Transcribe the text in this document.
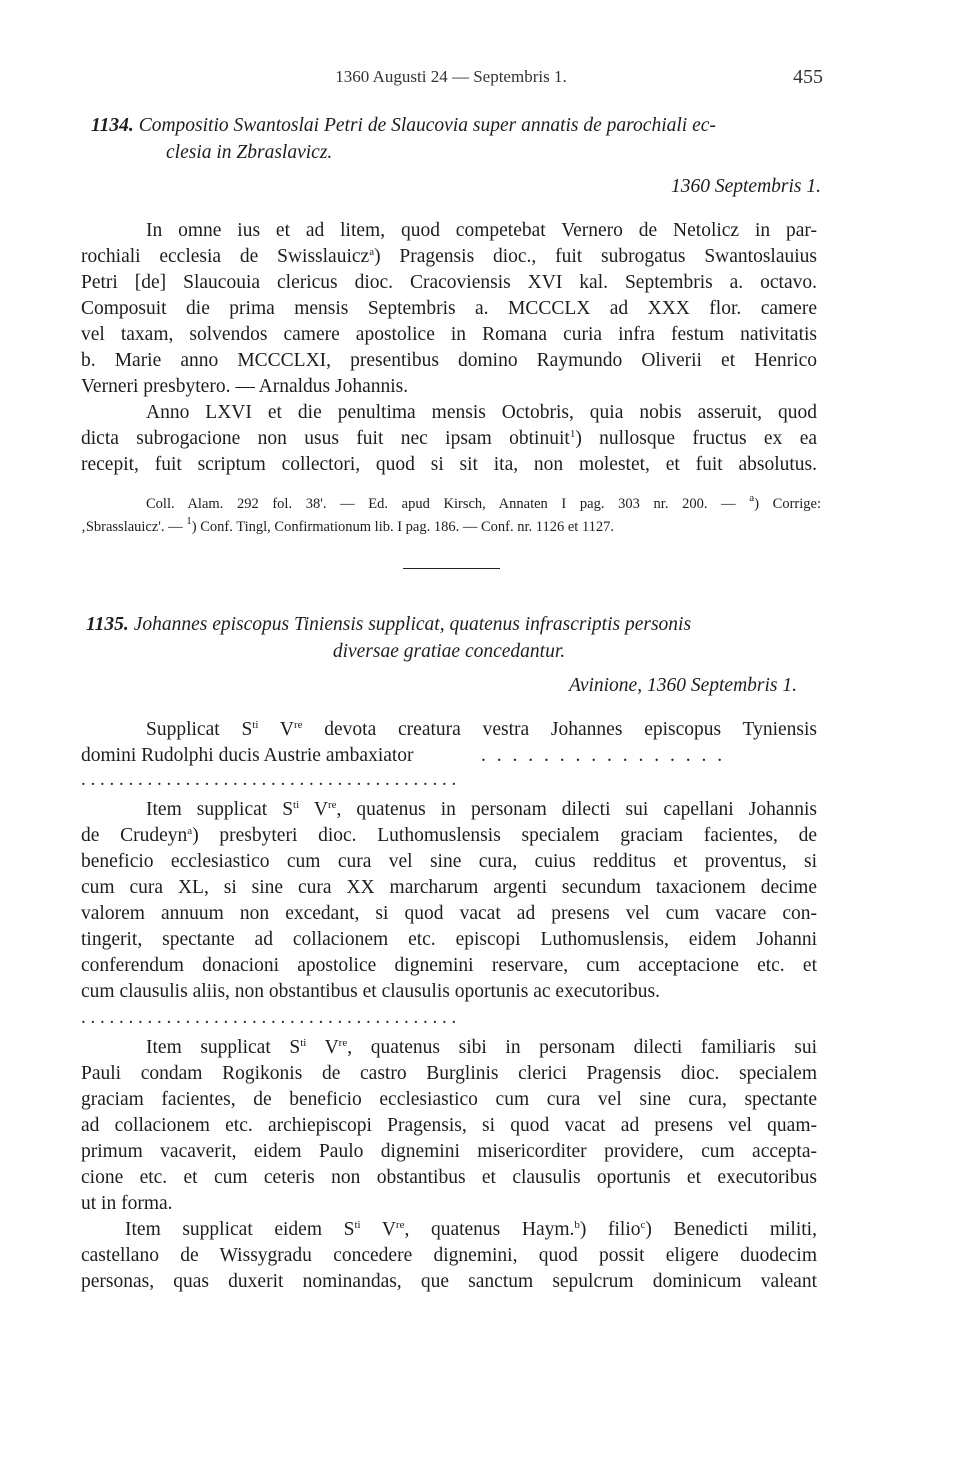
1360 Augusti 24 — Septembris 1.	455
1134. Compositio Swantoslai Petri de Slaucovia super annatis de parochiali ec-
clesia in Zbraslavicz.
1360 Septembris 1.
In omne ius et ad litem, quod competebat Vernero de Netolicz in par-
rochiali ecclesia de Swisslauicz$^a$) Pragensis dioc., fuit subrogatus Swantoslauius
Petri [de] Slaucouia clericus dioc. Cracoviensis XVI kal. Septembris a. octavo.
Composuit die prima mensis Septembris a. MCCCLX ad XXX flor. camere
vel taxam, solvendos camere apostolice in Romana curia infra festum nativitatis
b. Marie anno MCCCLXI, presentibus domino Raymundo Oliverii et Henrico
Verneri presbytero. — Arnaldus Johannis.
Anno LXVI et die penultima mensis Octobris, quia nobis asseruit, quod
dicta subrogacione non usus fuit nec ipsam obtinuit$^1$) nullosque fructus ex ea
recepit, fuit scriptum collectori, quod si sit ita, non molestet, et fuit absolutus.
Coll. Alam. 292 fol. 38'. — Ed. apud Kirsch, Annaten I pag. 303 nr. 200. — $^a$) Corrige:
‚Sbrasslauicz'. — $^1$) Conf. Tingl, Confirmationum lib. I pag. 186. — Conf. nr. 1126 et 1127.
1135. Johannes episcopus Tiniensis supplicat, quatenus infrascriptis personis
diversae gratiae concedantur.
Avinione, 1360 Septembris 1.
Supplicat $S^{ti}$ Vre devota creatura vestra Johannes episcopus Tyniensis
domini Rudolphi ducis Austrie ambaxiator	. . . . . . . . . . . . . . . .
. . . . . . . . . . . . . . . . . . . . . . . . . . . . . . . . . . . . . . . .
Item supplicat $S^{ti}$ Vre, quatenus in personam dilecti sui capellani Johannis
de Crudeyn$^a$) presbyteri dioc. Luthomuslensis specialem graciam facientes, de
beneficio ecclesiastico cum cura vel sine cura, cuius redditus et proventus, si
cum cura XL, si sine cura XX marcharum argenti secundum taxacionem decime
valorem annuum non excedant, si quod vacat ad presens vel cum vacare con-
tingerit, spectante ad collacionem etc. episcopi Luthomuslensis, eidem Johanni
conferendum donacioni apostolice dignemini reservare, cum acceptacione etc. et
cum clausulis aliis, non obstantibus et clausulis oportunis ac executoribus.
. . . . . . . . . . . . . . . . . . . . . . . . . . . . . . . . . . . . . . . .
Item supplicat $S^{ti}$ Vre, quatenus sibi in personam dilecti familiaris sui
Pauli condam Rogikonis de castro Burglinis clerici Pragensis dioc. specialem
graciam facientes, de beneficio ecclesiastico cum cura vel sine cura, spectante
ad collacionem etc. archiepiscopi Pragensis, si quod vacat ad presens vel quam-
primum vacaverit, eidem Paulo dignemini misericorditer providere, cum accepta-
cione etc. et cum ceteris non obstantibus et clausulis oportunis et executoribus
ut in forma.
Item supplicat eidem $S^{ti}$ Vre, quatenus Haym.$^b$) filio$^c$) Benedicti militi,
castellano de Wissygradu concedere dignemini, quod possit eligere duodecim
personas, quas duxerit nominandas, que sanctum sepulcrum dominicum valeant
